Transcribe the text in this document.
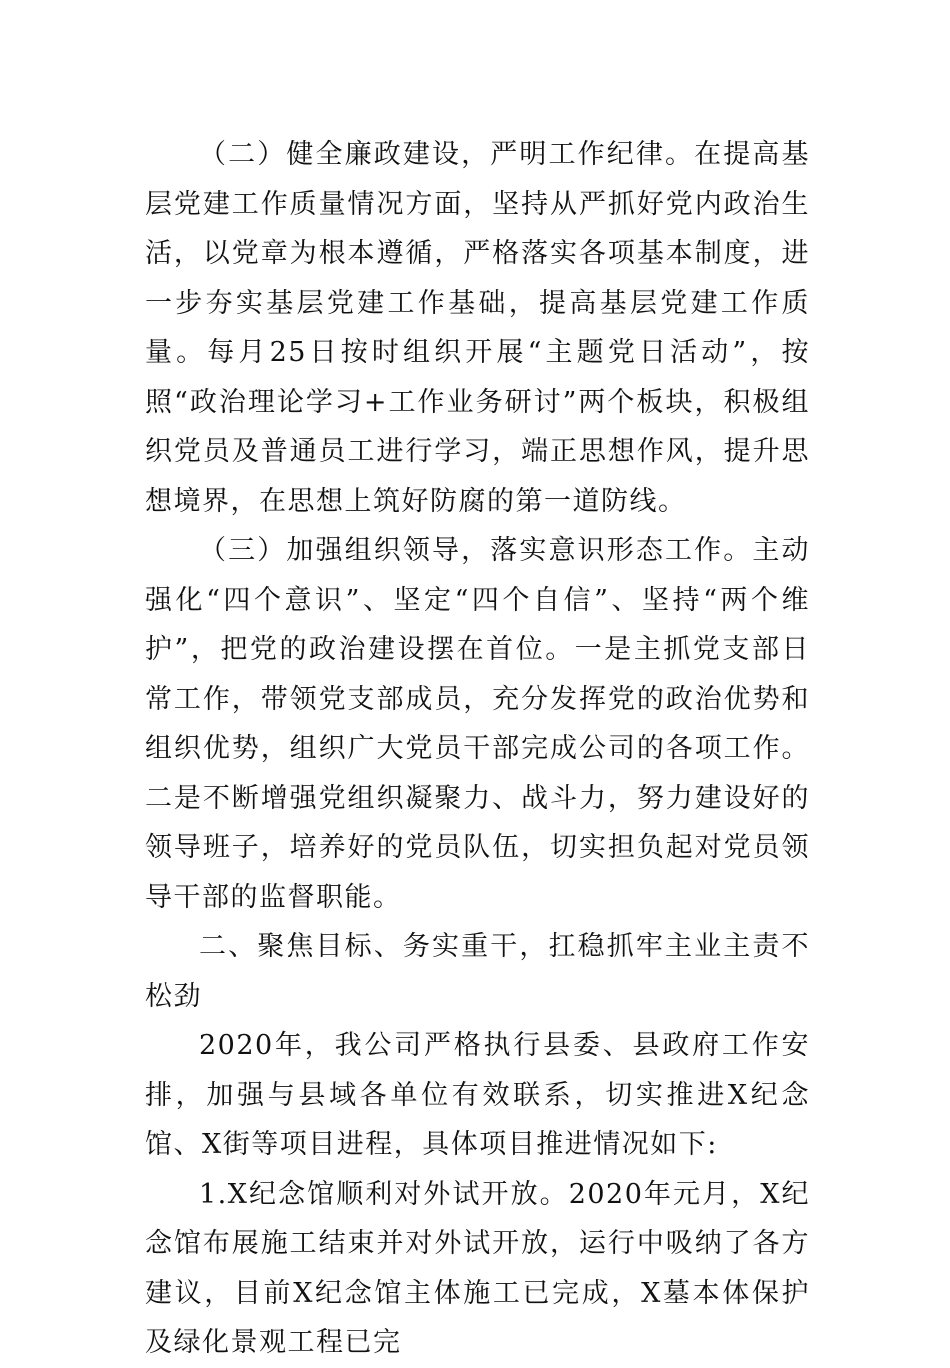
（二）健全廉政建设，严明工作纪律。在提高基层党建工作质量情况方面，坚持从严抓好党内政治生活，以党章为根本遵循，严格落实各项基本制度，进一步夯实基层党建工作基础，提高基层党建工作质量。每月25日按时组织开展“主题党日活动”，按照“政治理论学习+工作业务研讨”两个板块，积极组织党员及普通员工进行学习，端正思想作风，提升思想境界，在思想上筑好防腐的第一道防线。

（三）加强组织领导，落实意识形态工作。主动强化“四个意识”、坚定“四个自信”、坚持“两个维护”，把党的政治建设摆在首位。一是主抓党支部日常工作，带领党支部成员，充分发挥党的政治优势和组织优势，组织广大党员干部完成公司的各项工作。二是不断增强党组织凝聚力、战斗力，努力建设好的领导班子，培养好的党员队伍，切实担负起对党员领导干部的监督职能。

二、聚焦目标、务实重干，扛稳抓牢主业主责不松劲

2020年，我公司严格执行县委、县政府工作安排，加强与县域各单位有效联系，切实推进X纪念馆、X街等项目进程，具体项目推进情况如下:

1.X纪念馆顺利对外试开放。2020年元月，X纪念馆布展施工结束并对外试开放，运行中吸纳了各方建议，目前X纪念馆主体施工已完成，X墓本体保护及绿化景观工程已完
